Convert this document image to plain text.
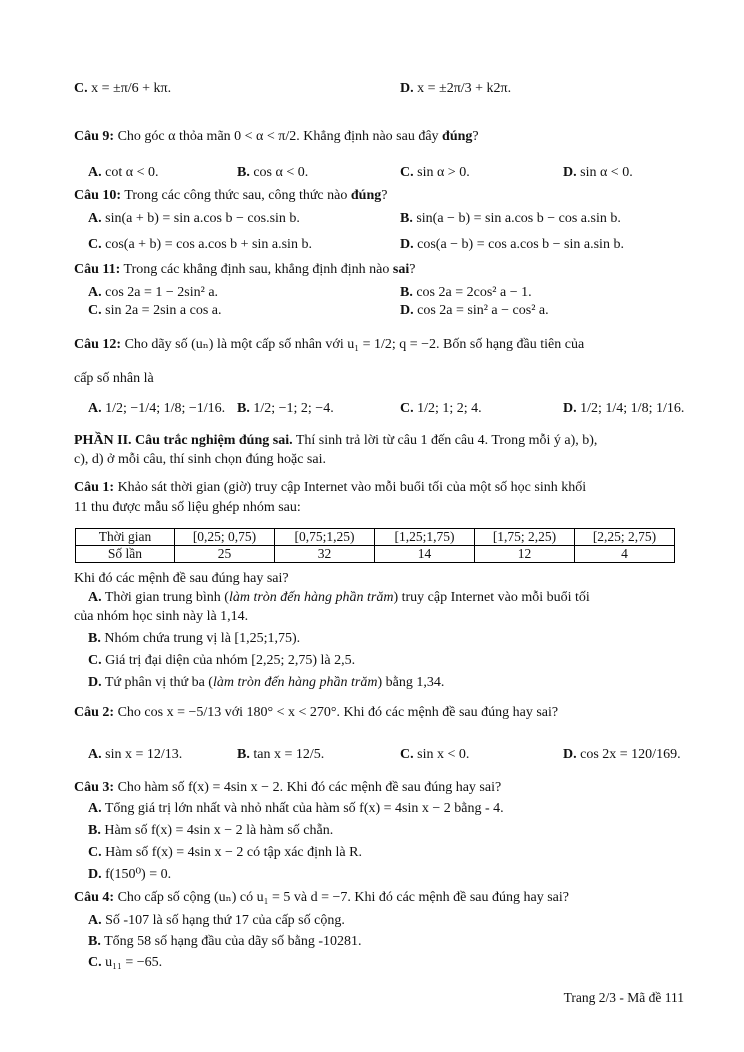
C. x = ±π/6 + kπ.	D. x = ±2π/3 + k2π.
Câu 9: Cho góc α thỏa mãn 0 < α < π/2. Khẳng định nào sau đây đúng?
A. cot α < 0.	B. cos α < 0.	C. sin α > 0.	D. sin α < 0.
Câu 10: Trong các công thức sau, công thức nào đúng?
A. sin(a + b) = sin a.cos b − cos.sin b.	B. sin(a − b) = sin a.cos b − cos a.sin b.
C. cos(a + b) = cos a.cos b + sin a.sin b.	D. cos(a − b) = cos a.cos b − sin a.sin b.
Câu 11: Trong các khẳng định sau, khẳng định định nào sai?
A. cos 2a = 1 − 2sin² a.	B. cos 2a = 2cos² a − 1.
C. sin 2a = 2sin a cos a.	D. cos 2a = sin² a − cos² a.
Câu 12: Cho dãy số (uₙ) là một cấp số nhân với u₁ = 1/2; q = −2. Bốn số hạng đầu tiên của
cấp số nhân là
A. 1/2; −1/4; 1/8; −1/16. B. 1/2; −1; 2; −4.	C. 1/2; 1; 2; 4.	D. 1/2; 1/4; 1/8; 1/16.
PHẦN II. Câu trắc nghiệm đúng sai. Thí sinh trả lời từ câu 1 đến câu 4. Trong mỗi ý a), b),
c), d) ở mỗi câu, thí sinh chọn đúng hoặc sai.
Câu 1: Khảo sát thời gian (giờ) truy cập Internet vào mỗi buổi tối của một số học sinh khối
11 thu được mẫu số liệu ghép nhóm sau:
Thời gian	[0,25; 0,75)	[0,75;1,25)	[1,25;1,75)	[1,75; 2,25)	[2,25; 2,75)
Số lần	25	32	14	12	4
Khi đó các mệnh đề sau đúng hay sai?
A. Thời gian trung bình (làm tròn đến hàng phần trăm) truy cập Internet vào mỗi buổi tối
của nhóm học sinh này là 1,14.
B. Nhóm chứa trung vị là [1,25;1,75).
C. Giá trị đại diện của nhóm [2,25; 2,75) là 2,5.
D. Tứ phân vị thứ ba (làm tròn đến hàng phần trăm) bằng 1,34.
Câu 2: Cho cos x = −5/13 với 180° < x < 270°. Khi đó các mệnh đề sau đúng hay sai?
A. sin x = 12/13.	B. tan x = 12/5.	C. sin x < 0.	D. cos 2x = 120/169.
Câu 3: Cho hàm số f(x) = 4sin x − 2. Khi đó các mệnh đề sau đúng hay sai?
A. Tổng giá trị lớn nhất và nhỏ nhất của hàm số f(x) = 4sin x − 2 bằng - 4.
B. Hàm số f(x) = 4sin x − 2 là hàm số chẵn.
C. Hàm số f(x) = 4sin x − 2 có tập xác định là R.
D. f(150⁰) = 0.
Câu 4: Cho cấp số cộng (uₙ) có u₁ = 5 và d = −7. Khi đó các mệnh đề sau đúng hay sai?
A. Số -107 là số hạng thứ 17 của cấp số cộng.
B. Tổng 58 số hạng đầu của dãy số bằng -10281.
C. u₁₁ = −65.
Trang 2/3 - Mã đề 111
